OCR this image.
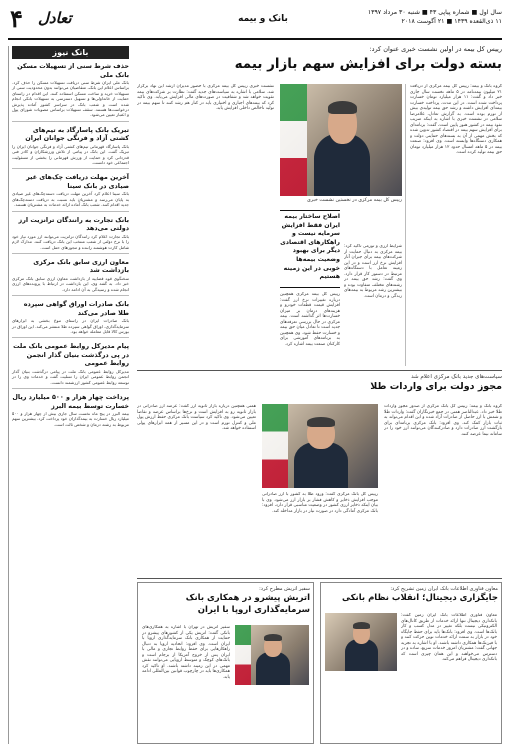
سال اول ■ شماره پیاپی ۴۳ ■ شنبه ۳۰ مرداد ۱۳۹۷
۱۱ ذی‌القعده ۱۴۳۹ ■ ۲۱ آگوست ۲۰۱۸
بانک و بیمه
تعادل
۴
بانک نیوز
حذف شرط سنی از تسهیلات مسکن بانک ملی

بانک ملی ایران شرط سنی دریافت تسهیلات مسکن را حذف کرد. براساس اعلام این بانک، متقاضیان می‌توانند بدون محدودیت سنی از تسهیلات خرید و ساخت مسکن استفاده کنند. این اقدام در راستای حمایت از خانه‌اولی‌ها و تسهیل دسترسی به تسهیلات بانکی انجام شده است و شعب بانک در سراسر کشور آماده پذیرش درخواست‌ها هستند. سقف تسهیلات براساس مصوبات شورای پول و اعتبار تعیین می‌شود.

تبریک بانک پاسارگاد به تیم‌های کشتی آزاد و فرنگی جوانان ایران

بانک پاسارگاد قهرمانی تیم‌های کشتی آزاد و فرنگی جوانان ایران را تبریک گفت. این بانک در پیامی از تلاش ورزشکاران و کادر فنی قدردانی کرد و حمایت از ورزش قهرمانی را بخشی از مسئولیت اجتماعی خود دانست.

آخرین مهلت دریافت چک‌های غیر صیادی در بانک سینا

بانک سینا اعلام کرد آخرین مهلت دریافت دسته‌چک‌های غیر صیادی به پایان می‌رسد و مشتریان باید نسبت به دریافت دسته‌چک‌های جدید اقدام کنند. شعب بانک آماده ارائه خدمات به مشتریان هستند.

بانک تجارت به رانندگان ترانزیت ارز دولتی می‌دهد

بانک تجارت اعلام کرد رانندگان ترانزیت می‌توانند ارز مورد نیاز خود را با نرخ دولتی از شعب منتخب این بانک دریافت کنند. مدارک لازم شامل کارت هوشمند راننده و مجوزهای حمل است.

معاون ارزی سابق بانک مرکزی بازداشت شد

سخنگوی قوه قضاییه از بازداشت معاون ارزی سابق بانک مرکزی خبر داد. به گفته وی، این بازداشت در ارتباط با پرونده‌های ارزی انجام شده و رسیدگی به آن ادامه دارد.

بانک صادرات اوراق گواهی سپرده طلا صادر می‌کند

بانک صادرات ایران در راستای تنوع بخشی به ابزارهای سرمایه‌گذاری، اوراق گواهی سپرده طلا منتشر می‌کند. این اوراق در بورس کالا قابل معامله خواهد بود.

پیام مدیرکل روابط عمومی بانک ملت در پی درگذشت بنیان گذار انجمن روابط عمومی

مدیرکل روابط عمومی بانک ملت در پیامی درگذشت بنیان گذار انجمن روابط عمومی ایران را تسلیت گفت و خدمات وی را در توسعه روابط عمومی کشور ارزشمند دانست.

پرداخت چهار هزار و ۵۰۰ میلیارد ریال خسارت توسط بیمه البرز

بیمه البرز در پنج ماه نخست سال جاری بیش از چهار هزار و ۵۰۰ میلیارد ریال خسارت به بیمه‌گذاران خود پرداخت کرد. بیشترین سهم مربوط به رشته درمان و شخص ثالث است.

رییس کل بیمه در اولین نشست خبری عنوان کرد:
بسته دولت برای افزایش سهم بازار بیمه
گروه بانک و بیمه: رییس کل بیمه مرکزی از دریافت ۲۱ میلیون بیمه‌نامه در ۵ ماهه نخست سال جاری خبر داد و گفت: ۱۱ هزار میلیارد تومان خسارت پرداخت شده است. در این مدت، پرداخت خسارت بیمه‌ای افزایش داشته و رشد حق بیمه تولیدی بیش از تورم بوده است. به گزارش تعادل، غلامرضا سلامی در نشست خبری با اشاره به اینکه ضریب نفوذ بیمه در کشور هنوز پایین است، گفت: برنامه‌ای برای افزایش سهم بیمه در اقتصاد کشور تدوین شده که بخش مهمی از آن به بسته‌های حمایتی دولت و همکاری دستگاه‌ها وابسته است. وی افزود: صنعت بیمه در ۵ ماهه امسال حدود ۱۲ هزار میلیارد تومان حق بیمه تولید کرده است.
رییس کل بیمه مرکزی در نخستین نشست خبری
شرایط ارزی و تورمی تاکید کرد: بیمه مرکزی به دنبال حمایت از شرکت‌های بیمه برای جبران آثار افزایش نرخ ارز است و در این زمینه تعامل با دستگاه‌های مرتبط در دستور کار قرار دارد. وی گفت: رشد حق بیمه در رشته‌های مختلف متفاوت بوده و بیشترین رشد مربوط به بیمه‌های زندگی و درمان است.
اصلاح ساختار بیمه ایران فقط افزایش سرمایه نیست و راهکارهای اقتصادی دیگر برای بهبود وضعیت بیمه‌ها خوبی در این زمینه هستیم
رییس کل بیمه مرکزی همچنین درباره تغییرات نرخ ارز گفت: افزایش قیمت قطعات خودرو و هزینه‌های درمان بر میزان خسارت‌ها اثر گذاشته است. بیمه مرکزی در حال بررسی تعرفه‌های جدید است تا تعادل میان حق بیمه و خسارت حفظ شود. وی همچنین به برنامه‌های آموزشی برای کارکنان صنعت بیمه اشاره کرد.
نشست خبری رییس کل بیمه مرکزی با حضور مدیران ارشد این نهاد برگزار شد. سلامی با اشاره به سیاست‌های جدید گفت: نظارت بر شرکت‌های بیمه تقویت خواهد شد و شفافیت در صورت‌های مالی افزایش می‌یابد. وی تاکید کرد که بیمه‌های اجباری و اختیاری باید در کنار هم رشد کنند تا سهم بیمه در تولید ناخالص داخلی افزایش یابد.
سیاست‌های جدید بانک مرکزی اعلام شد
مجوز دولت برای واردات طلا
گروه بانک و بیمه: رییس کل بانک مرکزی از صدور مجوز واردات طلا خبر داد. عبدالناصر همتی در جمع خبرنگاران گفت: واردات طلا و شمش با ارز حاصل از صادرات آزاد شده و این اقدام می‌تواند به ثبات بازار کمک کند. وی افزود: بانک مرکزی برنامه‌ای برای بازگشت ارز صادرات دارد و صادرکنندگان می‌توانند ارز خود را در سامانه نیما عرضه کنند.
رییس کل بانک مرکزی گفت: ورود طلا به کشور با ارز صادراتی موجب افزایش ذخایر و کاهش فشار بر بازار ارز می‌شود. وی با بیان اینکه ذخایر ارزی کشور در وضعیت مناسبی قرار دارد، افزود: بانک مرکزی آمادگی دارد در صورت نیاز در بازار مداخله کند.
همتی همچنین درباره بازار ثانویه ارز گفت: عرضه ارز صادراتی در بازار ثانویه رو به افزایش است و نرخ‌ها براساس عرضه و تقاضا تعیین می‌شود. وی تاکید کرد سیاست بانک مرکزی حفظ ارزش پول ملی و کنترل تورم است و در این مسیر از همه ابزارهای پولی استفاده خواهد شد.
معاون فناوری اطلاعات بانک ایران زمین تشریح کرد:
جایگزاری دیجیتال؛ انقلاب نظام بانکی
معاون فناوری اطلاعات بانک ایران زمین گفت: بانکداری دیجیتال تنها ارائه خدمات از طریق کانال‌های الکترونیکی نیست بلکه تغییر در مدل کسب و کار بانک‌ها است. وی افزود: بانک‌ها باید برای حفظ جایگاه خود در بازار به سمت ارائه خدمات نوین حرکت کنند و با فین‌تک‌ها همکاری داشته باشند. او با اشاره به تجربه جهانی گفت: مشتریان امروز خدمات سریع، ساده و در دسترس می‌خواهند و این همان چیزی است که بانکداری دیجیتال فراهم می‌کند.
سفیر اتریش مطرح کرد:
اتریش پیشرو در همکاری بانک سرمایه‌گذاری اروپا با ایران
سفیر اتریش در تهران با اشاره به همکاری‌های بانکی گفت: اتریش یکی از کشورهای پیشرو در حمایت از همکاری بانک سرمایه‌گذاری اروپا با ایران است. وی افزود: اتحادیه اروپا به دنبال راهکارهایی برای حفظ روابط تجاری و مالی با ایران پس از خروج آمریکا از برجام است و بانک‌های کوچک و متوسط اروپایی می‌توانند نقش مهمی در این زمینه داشته باشند. او تاکید کرد همکاری‌ها باید در چارچوب قوانین بین‌المللی ادامه یابد.
